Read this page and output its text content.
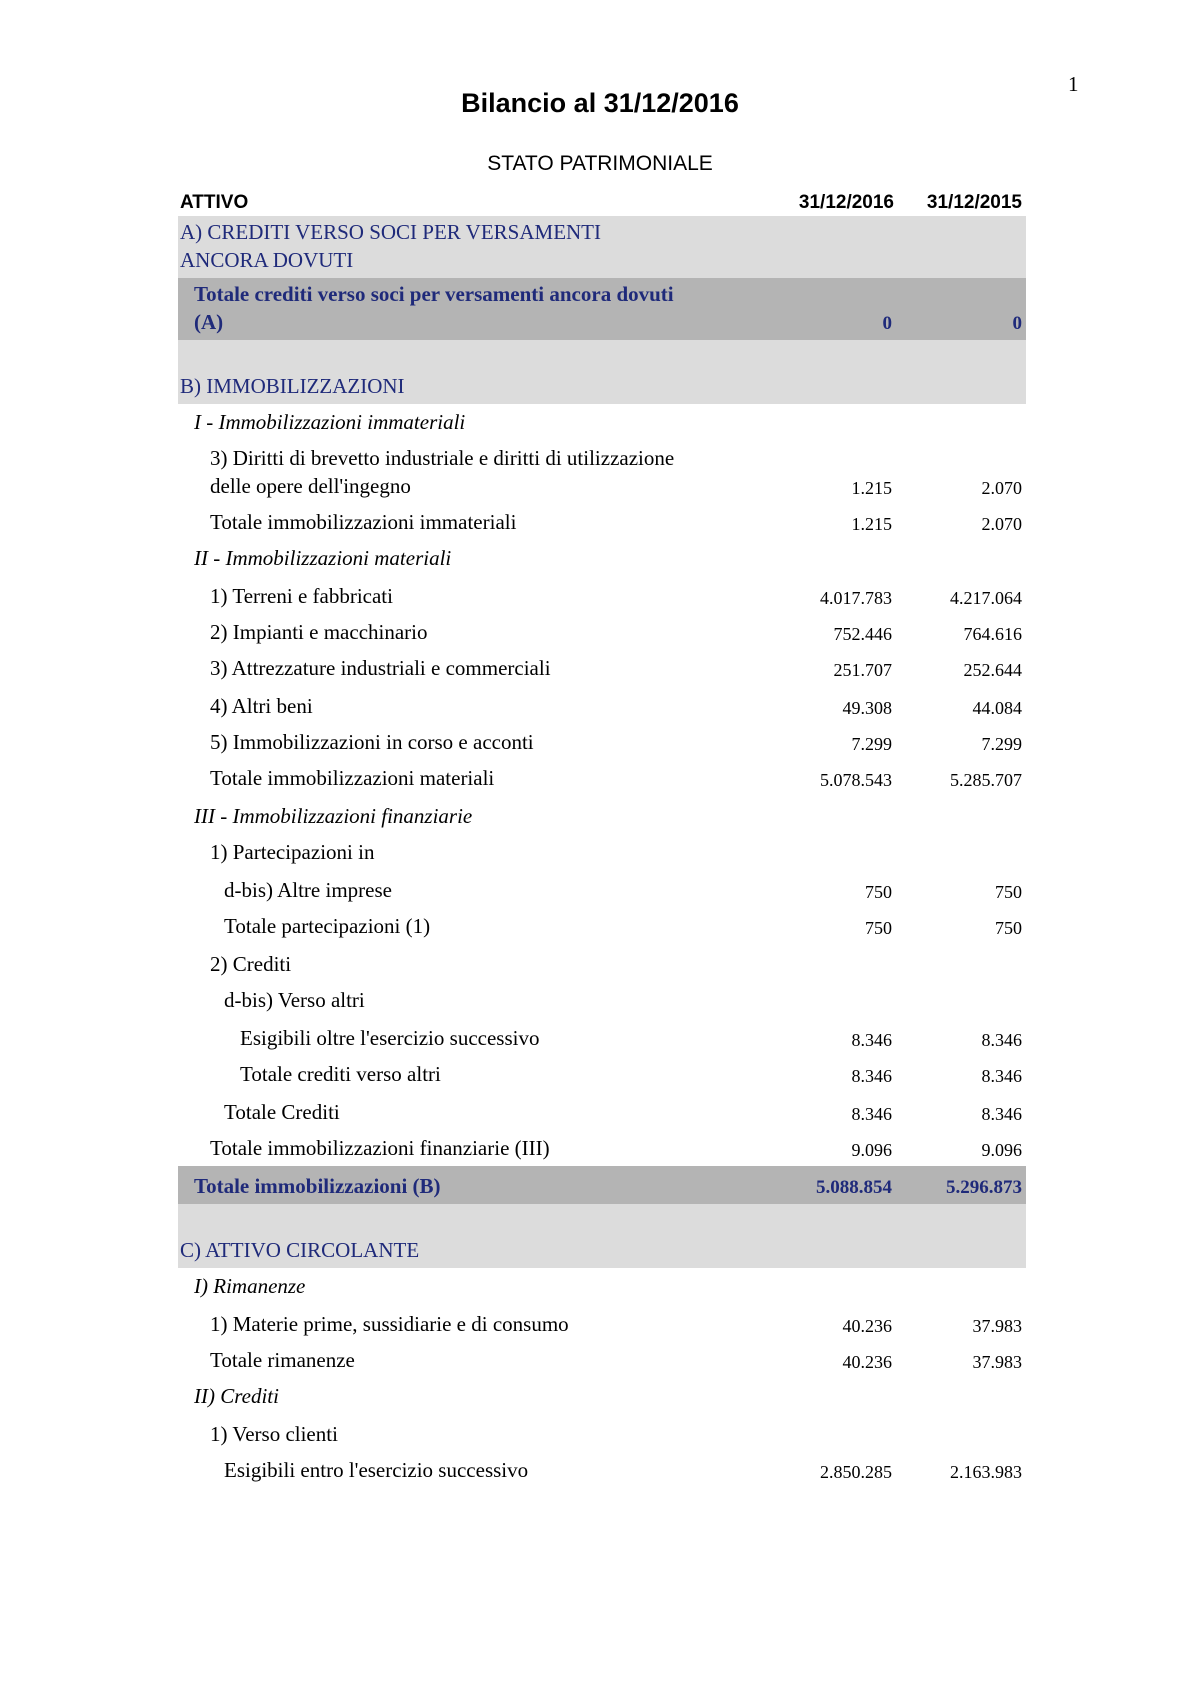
1
Bilancio al 31/12/2016
STATO PATRIMONIALE
ATTIVO	31/12/2016 31/12/2015
A) CREDITI VERSO SOCI PER VERSAMENTI
ANCORA DOVUTI
Totale crediti verso soci per versamenti ancora dovuti
(A)	0	0
B) IMMOBILIZZAZIONI
I - Immobilizzazioni immateriali
3) Diritti di brevetto industriale e diritti di utilizzazione
delle opere dell'ingegno	1.215	2.070
Totale immobilizzazioni immateriali	1.215	2.070
II - Immobilizzazioni materiali
1) Terreni e fabbricati	4.017.783	4.217.064
2) Impianti e macchinario	752.446	764.616
3) Attrezzature industriali e commerciali	251.707	252.644
4) Altri beni	49.308	44.084
5) Immobilizzazioni in corso e acconti	7.299	7.299
Totale immobilizzazioni materiali	5.078.543	5.285.707
III - Immobilizzazioni finanziarie
1) Partecipazioni in
d-bis) Altre imprese	750	750
Totale partecipazioni (1)	750	750
2) Crediti
d-bis) Verso altri
Esigibili oltre l'esercizio successivo	8.346	8.346
Totale crediti verso altri	8.346	8.346
Totale Crediti	8.346	8.346
Totale immobilizzazioni finanziarie (III)	9.096	9.096
Totale immobilizzazioni (B)	5.088.854	5.296.873
C) ATTIVO CIRCOLANTE
I) Rimanenze
1) Materie prime, sussidiarie e di consumo	40.236	37.983
Totale rimanenze	40.236	37.983
II) Crediti
1) Verso clienti
Esigibili entro l'esercizio successivo	2.850.285	2.163.983
